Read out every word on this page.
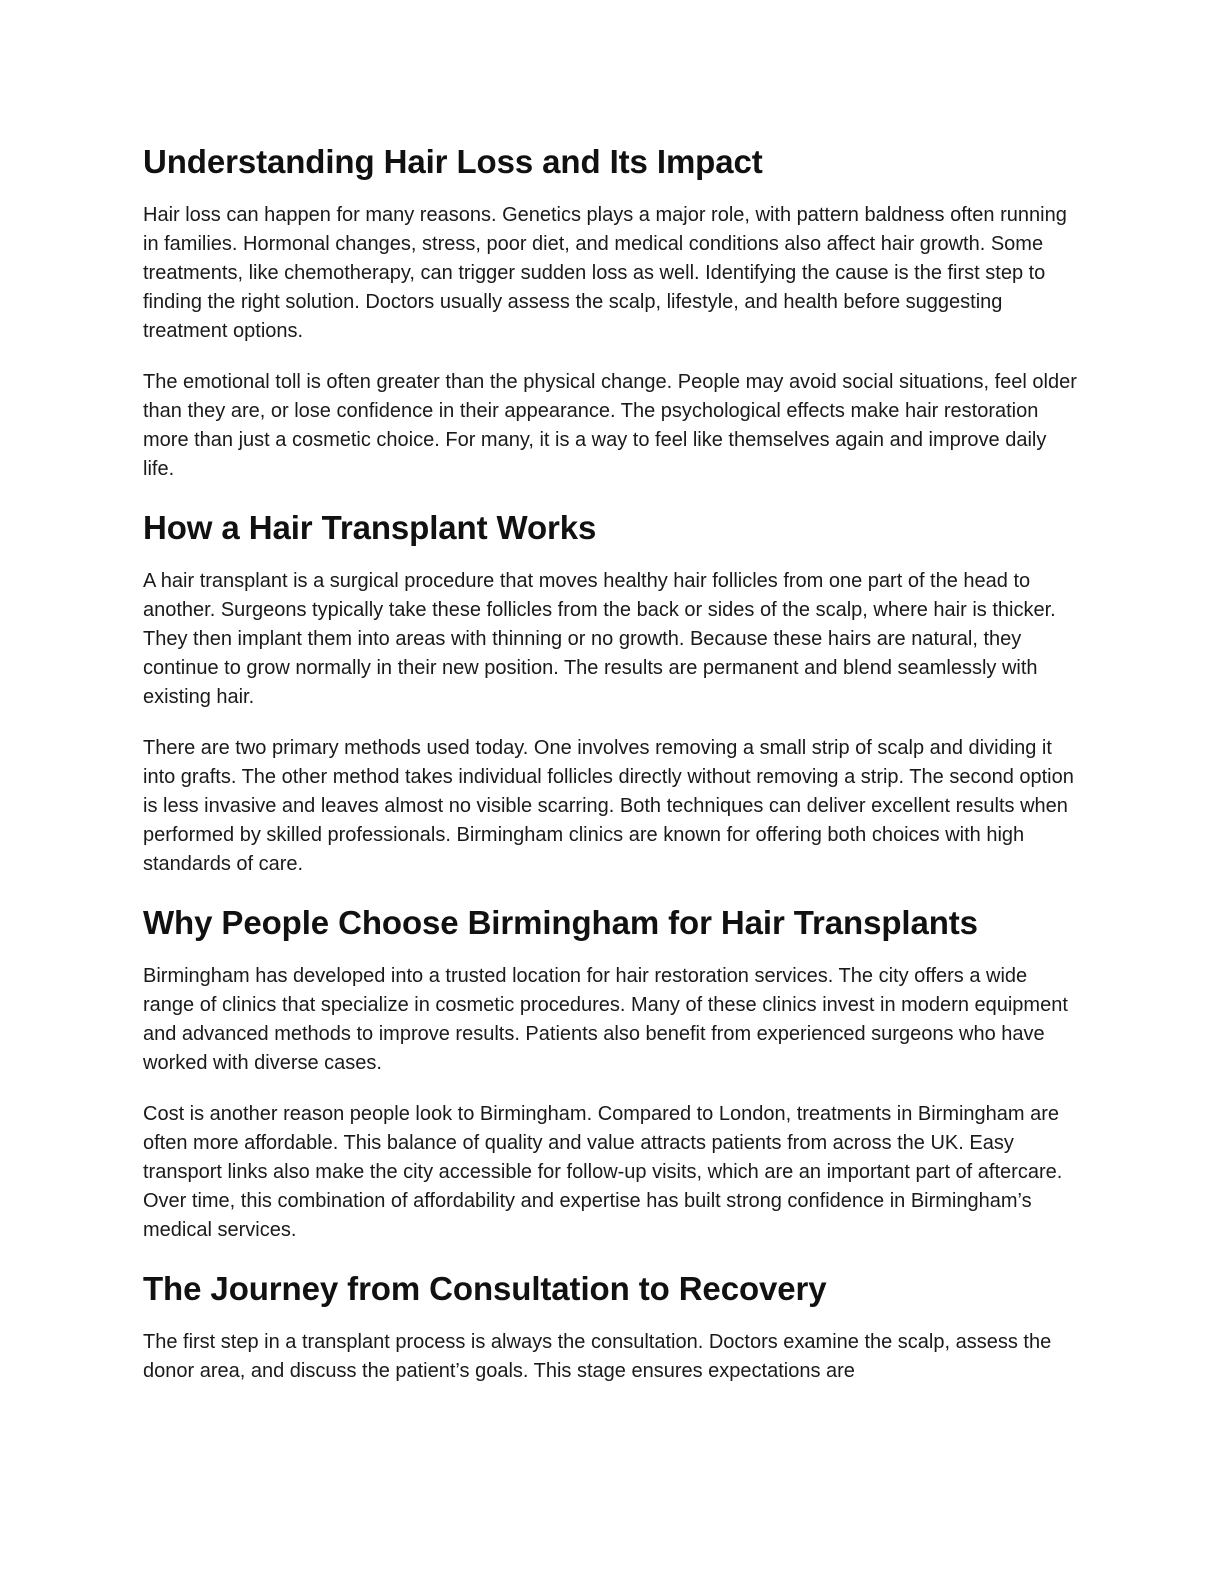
Understanding Hair Loss and Its Impact

Hair loss can happen for many reasons. Genetics plays a major role, with pattern baldness often running in families. Hormonal changes, stress, poor diet, and medical conditions also affect hair growth. Some treatments, like chemotherapy, can trigger sudden loss as well. Identifying the cause is the first step to finding the right solution. Doctors usually assess the scalp, lifestyle, and health before suggesting treatment options.

The emotional toll is often greater than the physical change. People may avoid social situations, feel older than they are, or lose confidence in their appearance. The psychological effects make hair restoration more than just a cosmetic choice. For many, it is a way to feel like themselves again and improve daily life.

How a Hair Transplant Works

A hair transplant is a surgical procedure that moves healthy hair follicles from one part of the head to another. Surgeons typically take these follicles from the back or sides of the scalp, where hair is thicker. They then implant them into areas with thinning or no growth. Because these hairs are natural, they continue to grow normally in their new position. The results are permanent and blend seamlessly with existing hair.

There are two primary methods used today. One involves removing a small strip of scalp and dividing it into grafts. The other method takes individual follicles directly without removing a strip. The second option is less invasive and leaves almost no visible scarring. Both techniques can deliver excellent results when performed by skilled professionals. Birmingham clinics are known for offering both choices with high standards of care.

Why People Choose Birmingham for Hair Transplants

Birmingham has developed into a trusted location for hair restoration services. The city offers a wide range of clinics that specialize in cosmetic procedures. Many of these clinics invest in modern equipment and advanced methods to improve results. Patients also benefit from experienced surgeons who have worked with diverse cases.

Cost is another reason people look to Birmingham. Compared to London, treatments in Birmingham are often more affordable. This balance of quality and value attracts patients from across the UK. Easy transport links also make the city accessible for follow-up visits, which are an important part of aftercare. Over time, this combination of affordability and expertise has built strong confidence in Birmingham’s medical services.

The Journey from Consultation to Recovery

The first step in a transplant process is always the consultation. Doctors examine the scalp, assess the donor area, and discuss the patient’s goals. This stage ensures expectations are
